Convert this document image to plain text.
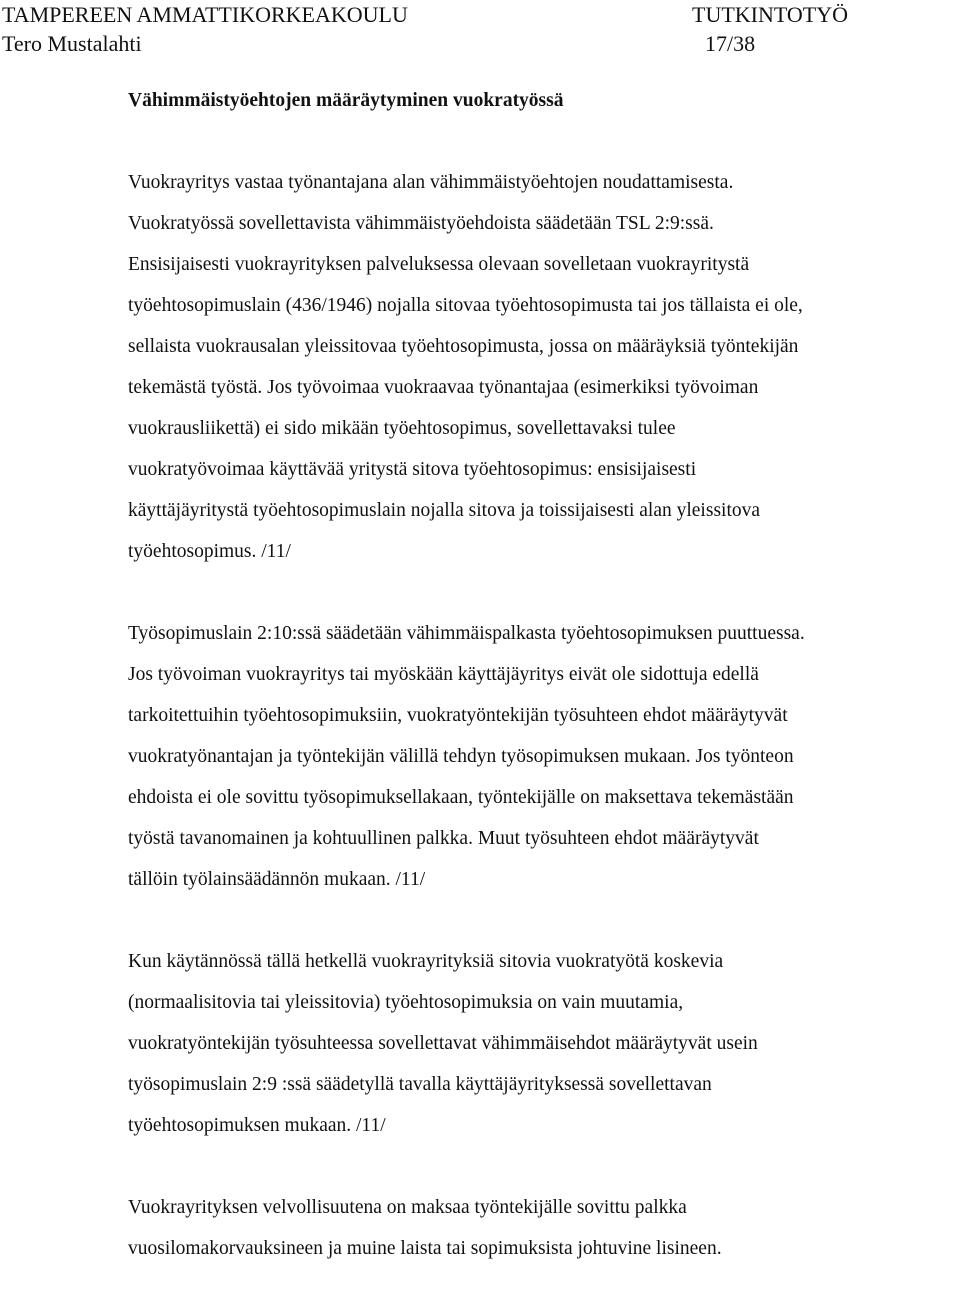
TAMPEREEN AMMATTIKORKEAKOULU	TUTKINTOTYÖ
Tero Mustalahti	17/38
Vähimmäistyöehtojen määräytyminen vuokratyössä
Vuokrayritys vastaa työnantajana alan vähimmäistyöehtojen noudattamisesta.
Vuokratyössä sovellettavista vähimmäistyöehdoista säädetään TSL 2:9:ssä.
Ensisijaisesti vuokrayrityksen palveluksessa olevaan sovelletaan vuokrayritystä
työehtosopimuslain (436/1946) nojalla sitovaa työehtosopimusta tai jos tällaista ei ole,
sellaista vuokrausalan yleissitovaa työehtosopimusta, jossa on määräyksiä työntekijän
tekemästä työstä. Jos työvoimaa vuokraavaa työnantajaa (esimerkiksi työvoiman
vuokrausliikettä) ei sido mikään työehtosopimus, sovellettavaksi tulee
vuokratyövoimaa käyttävää yritystä sitova työehtosopimus: ensisijaisesti
käyttäjäyritystä työehtosopimuslain nojalla sitova ja toissijaisesti alan yleissitova
työehtosopimus. /11/
Työsopimuslain 2:10:ssä säädetään vähimmäispalkasta työehtosopimuksen puuttuessa.
Jos työvoiman vuokrayritys tai myöskään käyttäjäyritys eivät ole sidottuja edellä
tarkoitettuihin työehtosopimuksiin, vuokratyöntekijän työsuhteen ehdot määräytyvät
vuokratyönantajan ja työntekijän välillä tehdyn työsopimuksen mukaan. Jos työnteon
ehdoista ei ole sovittu työsopimuksellakaan, työntekijälle on maksettava tekemästään
työstä tavanomainen ja kohtuullinen palkka. Muut työsuhteen ehdot määräytyvät
tällöin työlainsäädännön mukaan. /11/
Kun käytännössä tällä hetkellä vuokrayrityksiä sitovia vuokratyötä koskevia
(normaalisitovia tai yleissitovia) työehtosopimuksia on vain muutamia,
vuokratyöntekijän työsuhteessa sovellettavat vähimmäisehdot määräytyvät usein
työsopimuslain 2:9 :ssä säädetyllä tavalla käyttäjäyrityksessä sovellettavan
työehtosopimuksen mukaan. /11/
Vuokrayrityksen velvollisuutena on maksaa työntekijälle sovittu palkka
vuosilomakorvauksineen ja muine laista tai sopimuksista johtuvine lisineen.
